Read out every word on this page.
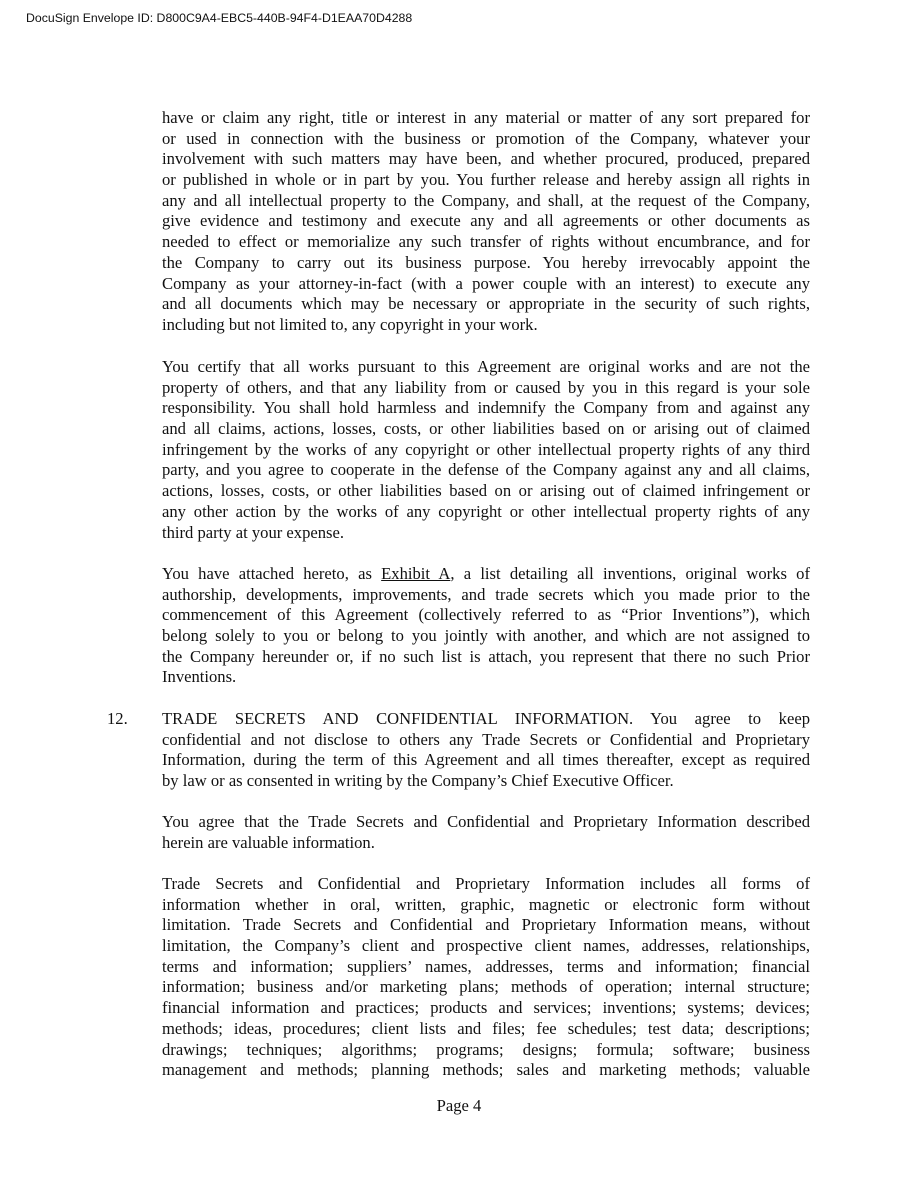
DocuSign Envelope ID: D800C9A4-EBC5-440B-94F4-D1EAA70D4288
have or claim any right, title or interest in any material or matter of any sort prepared for
or used in connection with the business or promotion of the Company, whatever your
involvement with such matters may have been, and whether procured, produced, prepared
or published in whole or in part by you. You further release and hereby assign all rights in
any and all intellectual property to the Company, and shall, at the request of the Company,
give evidence and testimony and execute any and all agreements or other documents as
needed to effect or memorialize any such transfer of rights without encumbrance, and for
the Company to carry out its business purpose. You hereby irrevocably appoint the
Company as your attorney-in-fact (with a power couple with an interest) to execute any
and all documents which may be necessary or appropriate in the security of such rights,
including but not limited to, any copyright in your work.
You certify that all works pursuant to this Agreement are original works and are not the
property of others, and that any liability from or caused by you in this regard is your sole
responsibility. You shall hold harmless and indemnify the Company from and against any
and all claims, actions, losses, costs, or other liabilities based on or arising out of claimed
infringement by the works of any copyright or other intellectual property rights of any third
party, and you agree to cooperate in the defense of the Company against any and all claims,
actions, losses, costs, or other liabilities based on or arising out of claimed infringement or
any other action by the works of any copyright or other intellectual property rights of any
third party at your expense.
You have attached hereto, as Exhibit A, a list detailing all inventions, original works of
authorship, developments, improvements, and trade secrets which you made prior to the
commencement of this Agreement (collectively referred to as “Prior Inventions”), which
belong solely to you or belong to you jointly with another, and which are not assigned to
the Company hereunder or, if no such list is attach, you represent that there no such Prior
Inventions.
12. TRADE SECRETS AND CONFIDENTIAL INFORMATION. You agree to keep
confidential and not disclose to others any Trade Secrets or Confidential and Proprietary
Information, during the term of this Agreement and all times thereafter, except as required
by law or as consented in writing by the Company’s Chief Executive Officer.
You agree that the Trade Secrets and Confidential and Proprietary Information described
herein are valuable information.
Trade Secrets and Confidential and Proprietary Information includes all forms of
information whether in oral, written, graphic, magnetic or electronic form without
limitation. Trade Secrets and Confidential and Proprietary Information means, without
limitation, the Company’s client and prospective client names, addresses, relationships,
terms and information; suppliers’ names, addresses, terms and information; financial
information; business and/or marketing plans; methods of operation; internal structure;
financial information and practices; products and services; inventions; systems; devices;
methods; ideas, procedures; client lists and files; fee schedules; test data; descriptions;
drawings; techniques; algorithms; programs; designs; formula; software; business
management and methods; planning methods; sales and marketing methods; valuable
Page 4
